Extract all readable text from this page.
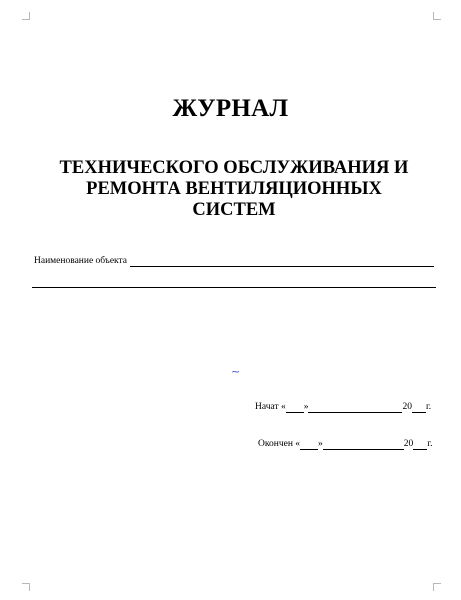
ЖУРНАЛ
ТЕХНИЧЕСКОГО ОБСЛУЖИВАНИЯ И
РЕМОНТА ВЕНТИЛЯЦИОННЫХ
СИСТЕМ
Наименование объекта
~
Начат « »	20 г.
Окончен « »	20 г.
